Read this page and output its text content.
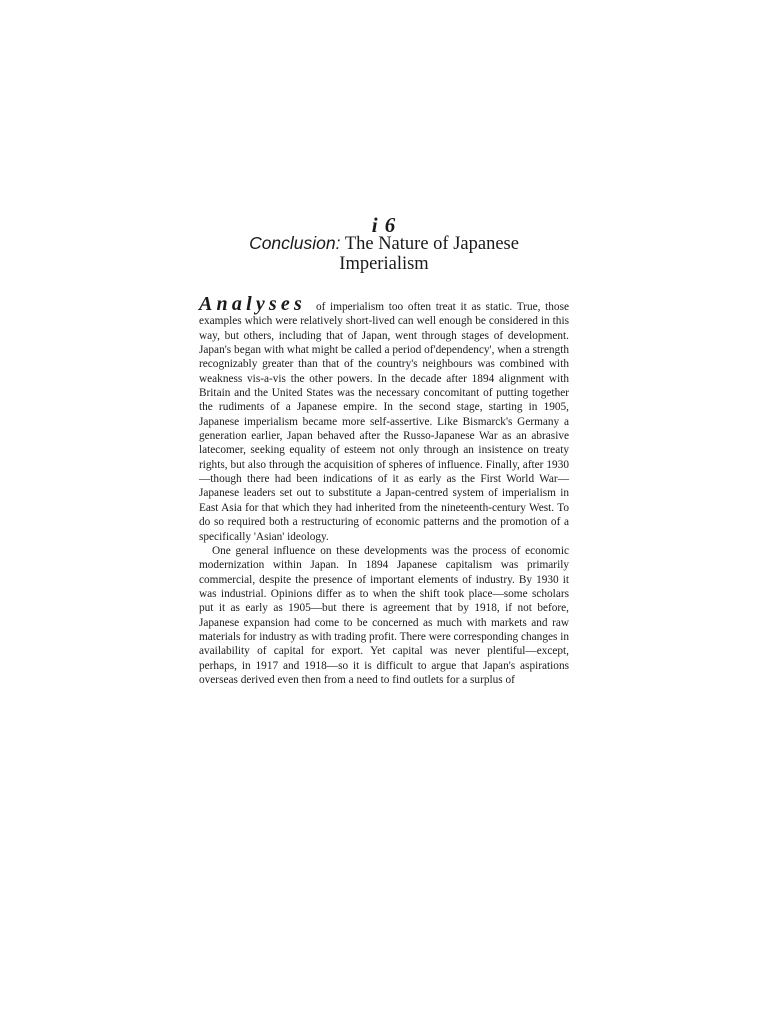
i 6
Conclusion: The Nature of Japanese
Imperialism

Analyses of imperialism too often treat it as static. True, those examples which were relatively short-lived can well enough be considered in this way, but others, including that of Japan, went through stages of development. Japan's began with what might be called a period of'dependency', when a strength recognizably greater than that of the country's neighbours was combined with weakness vis-a-vis the other powers. In the decade after 1894 alignment with Britain and the United States was the necessary concomitant of putting together the rudiments of a Japanese empire. In the second stage, starting in 1905, Japanese imperialism became more self-assertive. Like Bismarck's Germany a generation earlier, Japan behaved after the Russo-Japanese War as an abrasive latecomer, seeking equality of esteem not only through an insistence on treaty rights, but also through the acquisition of spheres of influence. Finally, after 1930—though there had been indications of it as early as the First World War—Japanese leaders set out to substitute a Japan-centred system of imperialism in East Asia for that which they had inherited from the nineteenth-century West. To do so required both a restructuring of economic patterns and the promotion of a specifically 'Asian' ideology.

One general influence on these developments was the process of economic modernization within Japan. In 1894 Japanese capitalism was primarily commercial, despite the presence of important elements of industry. By 1930 it was industrial. Opinions differ as to when the shift took place—some scholars put it as early as 1905—but there is agreement that by 1918, if not before, Japanese expansion had come to be concerned as much with markets and raw materials for industry as with trading profit. There were corresponding changes in availability of capital for export. Yet capital was never plentiful—except, perhaps, in 1917 and 1918—so it is difficult to argue that Japan's aspirations overseas derived even then from a need to find outlets for a surplus of
